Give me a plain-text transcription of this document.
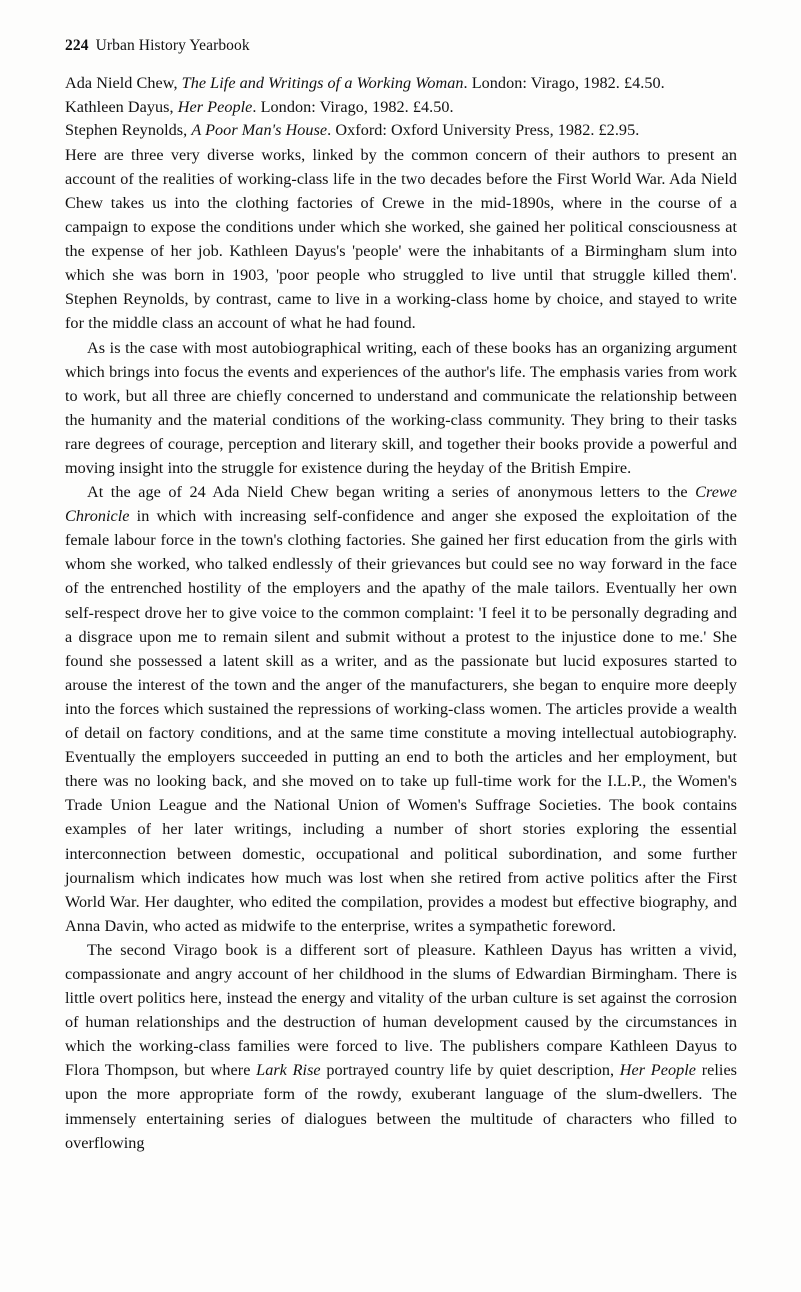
224 Urban History Yearbook
Ada Nield Chew, The Life and Writings of a Working Woman. London: Virago, 1982. £4.50.
Kathleen Dayus, Her People. London: Virago, 1982. £4.50.
Stephen Reynolds, A Poor Man's House. Oxford: Oxford University Press, 1982. £2.95.

Here are three very diverse works, linked by the common concern of their authors to present an account of the realities of working-class life in the two decades before the First World War. Ada Nield Chew takes us into the clothing factories of Crewe in the mid-1890s, where in the course of a campaign to expose the conditions under which she worked, she gained her political consciousness at the expense of her job. Kathleen Dayus's 'people' were the inhabitants of a Birmingham slum into which she was born in 1903, 'poor people who struggled to live until that struggle killed them'. Stephen Reynolds, by contrast, came to live in a working-class home by choice, and stayed to write for the middle class an account of what he had found.

As is the case with most autobiographical writing, each of these books has an organizing argument which brings into focus the events and experiences of the author's life. The emphasis varies from work to work, but all three are chiefly concerned to understand and communicate the relationship between the humanity and the material conditions of the working-class community. They bring to their tasks rare degrees of courage, perception and literary skill, and together their books provide a powerful and moving insight into the struggle for existence during the heyday of the British Empire.

At the age of 24 Ada Nield Chew began writing a series of anonymous letters to the Crewe Chronicle in which with increasing self-confidence and anger she exposed the exploitation of the female labour force in the town's clothing factories. She gained her first education from the girls with whom she worked, who talked endlessly of their grievances but could see no way forward in the face of the entrenched hostility of the employers and the apathy of the male tailors. Eventually her own self-respect drove her to give voice to the common complaint: 'I feel it to be personally degrading and a disgrace upon me to remain silent and submit without a protest to the injustice done to me.' She found she possessed a latent skill as a writer, and as the passionate but lucid exposures started to arouse the interest of the town and the anger of the manufacturers, she began to enquire more deeply into the forces which sustained the repressions of working-class women. The articles provide a wealth of detail on factory conditions, and at the same time constitute a moving intellectual autobiography. Eventually the employers succeeded in putting an end to both the articles and her employment, but there was no looking back, and she moved on to take up full-time work for the I.L.P., the Women's Trade Union League and the National Union of Women's Suffrage Societies. The book contains examples of her later writings, including a number of short stories exploring the essential interconnection between domestic, occupational and political subordination, and some further journalism which indicates how much was lost when she retired from active politics after the First World War. Her daughter, who edited the compilation, provides a modest but effective biography, and Anna Davin, who acted as midwife to the enterprise, writes a sympathetic foreword.

The second Virago book is a different sort of pleasure. Kathleen Dayus has written a vivid, compassionate and angry account of her childhood in the slums of Edwardian Birmingham. There is little overt politics here, instead the energy and vitality of the urban culture is set against the corrosion of human relationships and the destruction of human development caused by the circumstances in which the working-class families were forced to live. The publishers compare Kathleen Dayus to Flora Thompson, but where Lark Rise portrayed country life by quiet description, Her People relies upon the more appropriate form of the rowdy, exuberant language of the slum-dwellers. The immensely entertaining series of dialogues between the multitude of characters who filled to overflowing
